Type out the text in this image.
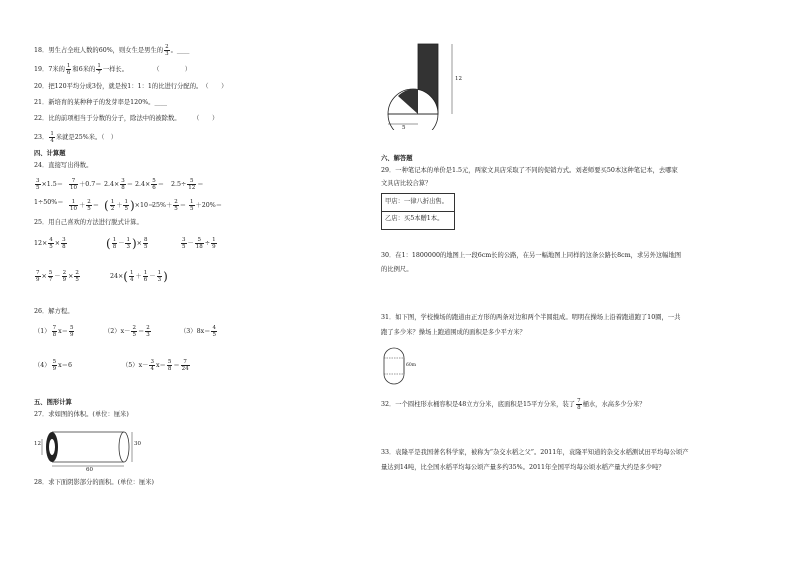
18．男生占全班人数的60%，则女生是男生的 $\frac{2}{3}$ 。____
19．7米的 $\frac{1}{6}$ 和6米的 $\frac{1}{7}$ 一样长。　　　　　	（　　　　）
20．把120平均分成3份，就是按1：1：1的比进行分配的。　（　　）
21．新培育的某种种子的发芽率是120%。____
22．比的前项相当于分数的分子，除法中的被除数。　　　（　　）
23． $\frac{1}{4}$ 米就是25%米。（　）
四、计算题
24．直接写出得数。
$\frac{3}{5} \times 1.5= \frac{7}{10} +0.7= 2.4\times \frac{3}{8} = 2.4\times \frac{5}{6} = 2.5\div \frac{5}{12}$ ＝
$1\div 50\%= \frac{1}{10} + \frac{2}{5}$ ＝ ( $\frac{1}{2} + \frac{1}{5} )\times 10=$
$25\%+ \frac{2}{5} = \frac{1}{5} +20\%=$
25．用自己喜欢的方法进行脱式计算。
$12\times \frac{4}{5} \times \frac{3}{8}$	( $\frac{1}{8} - \frac{1}{3}$ )× $\frac{8}{5}$	$\frac{3}{5} - \frac{5}{18} \div \frac{1}{9}$
$\frac{7}{9} \times \frac{5}{7} - \frac{2}{9} \times \frac{2}{5}$	$24\times( \frac{1}{4} + \frac{1}{6} - \frac{1}{3}$ )
26．解方程。
$(1) \frac{7}{8} x= \frac{5}{9}$	$(2)x- \frac{2}{5} = \frac{2}{3}$	$(3)8x= \frac{4}{5}$
$(4) \frac{5}{9} x=6$	$(5)x- \frac{3}{4} x= \frac{5}{8} = \frac{7}{24}$
五、图形计算
27．求如图的体积。(单位：厘米)
12	30
60
28．求下面阴影部分的面积。(单位：厘米)
12
5
六、解答题
29．一种笔记本的单价是1.5元，两家文具店采取了不同的促销方式。刘老师要买50本这种笔记本，去哪家
文具店比较合算？
甲店：一律八折出售。
乙店：买5本赠1本。
30．在1：1800000的地图上一段6cm长的公路，在另一幅地图上同样的这条公路长8cm，求另外这幅地图
的比例尺。
31．如下图，学校操场的跑道由正方形的两条对边和两个半圆组成。明明在操场上沿着跑道跑了10圈，一共
跑了多少米？操场上跑道围成的面积是多少平方米？
60m
32．一个圆柱形水桶容积是48立方分米，底面积是15平方分米，装了 $\frac{7}{8}$ 桶水，水高多少分米？
33．袁隆平是我国著名科学家，被称为“杂交水稻之父”。2011年，袁隆平知道的杂交水稻测试田平均每公顷产
量达到14吨，比全国水稻平均每公顷产量多约35%。2011年全国平均每公顷水稻产量大约是多少吨？
